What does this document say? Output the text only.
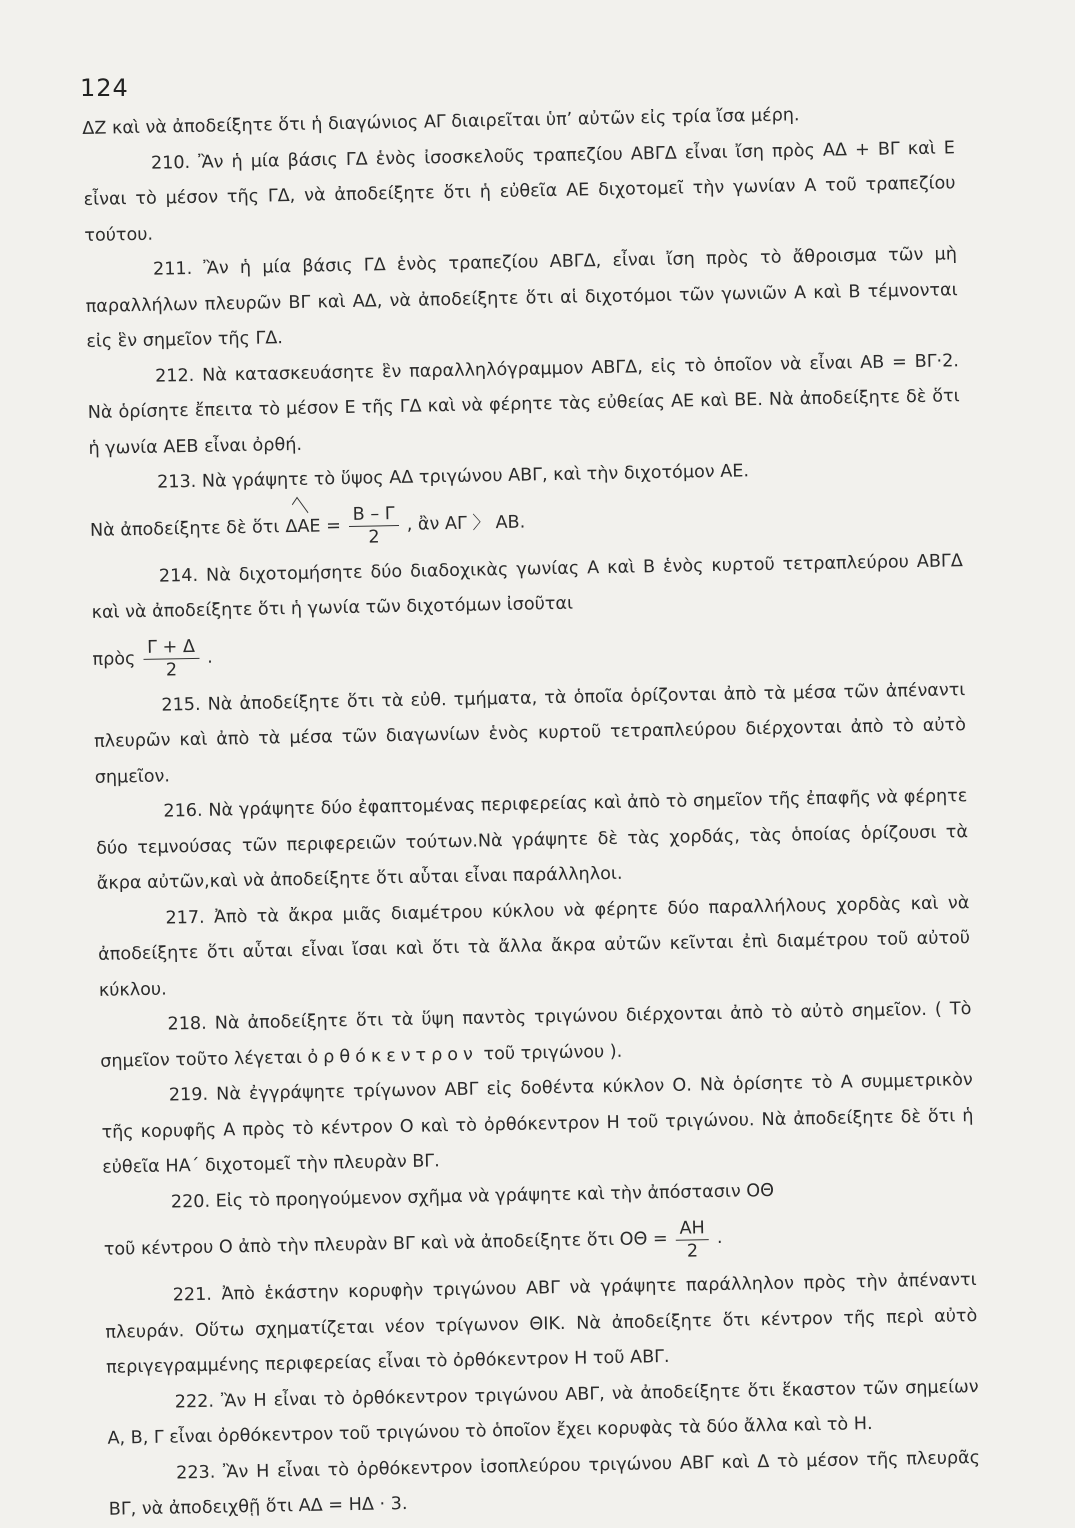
124

ΔΖ καὶ νὰ ἀποδείξητε ὅτι ἡ διαγώνιος ΑΓ διαιρεῖται ὑπ’ αὐτῶν εἰς τρία ἴσα μέρη.

210. Ἂν ἡ μία βάσις ΓΔ ἑνὸς ἰσοσκελοῦς τραπεζίου ΑΒΓΔ εἶναι ἴση πρὸς ΑΔ + ΒΓ καὶ Ε εἶναι τὸ μέσον τῆς ΓΔ, νὰ ἀποδείξητε ὅτι ἡ εὐθεῖα ΑΕ διχοτομεῖ τὴν γωνίαν Α τοῦ τραπεζίου τούτου.

211. Ἂν ἡ μία βάσις ΓΔ ἑνὸς τραπεζίου ΑΒΓΔ, εἶναι ἴση πρὸς τὸ ἄθροισμα τῶν μὴ παραλλήλων πλευρῶν ΒΓ καὶ ΑΔ, νὰ ἀποδείξητε ὅτι αἱ διχοτόμοι τῶν γωνιῶν Α καὶ Β τέμνονται εἰς ἓν σημεῖον τῆς ΓΔ.

212. Νὰ κατασκευάσητε ἓν παραλληλόγραμμον ΑΒΓΔ, εἰς τὸ ὁποῖον νὰ εἶναι ΑΒ = ΒΓ·2. Νὰ ὁρίσητε ἔπειτα τὸ μέσον Ε τῆς ΓΔ καὶ νὰ φέρητε τὰς εὐθείας ΑΕ καὶ ΒΕ. Νὰ ἀποδείξητε δὲ ὅτι ἡ γωνία ΑΕΒ εἶναι ὀρθή.

213. Νὰ γράψητε τὸ ὕψος ΑΔ τριγώνου ΑΒΓ, καὶ τὴν διχοτόμον ΑΕ.

Νὰ ἀποδείξητε δὲ ὅτι $\Delta AE = \frac{B - \Gamma}{2}$ , ἂν ΑΓ 〉 ΑΒ.

214. Νὰ διχοτομήσητε δύο διαδοχικὰς γωνίας Α καὶ Β ἑνὸς κυρτοῦ τετραπλεύρου ΑΒΓΔ καὶ νὰ ἀποδείξητε ὅτι ἡ γωνία τῶν διχοτόμων ἰσοῦται

πρὸς $\frac{\Gamma + \Delta}{2}$ .

215. Νὰ ἀποδείξητε ὅτι τὰ εὐθ. τμήματα, τὰ ὁποῖα ὁρίζονται ἀπὸ τὰ μέσα τῶν ἀπέναντι πλευρῶν καὶ ἀπὸ τὰ μέσα τῶν διαγωνίων ἑνὸς κυρτοῦ τετραπλεύρου διέρχονται ἀπὸ τὸ αὐτὸ σημεῖον.

216. Νὰ γράψητε δύο ἐφαπτομένας περιφερείας καὶ ἀπὸ τὸ σημεῖον τῆς ἐπαφῆς νὰ φέρητε δύο τεμνούσας τῶν περιφερειῶν τούτων.Νὰ γράψητε δὲ τὰς χορδάς, τὰς ὁποίας ὁρίζουσι τὰ ἄκρα αὐτῶν,καὶ νὰ ἀποδείξητε ὅτι αὗται εἶναι παράλληλοι.

217. Ἀπὸ τὰ ἄκρα μιᾶς διαμέτρου κύκλου νὰ φέρητε δύο παραλλήλους χορδὰς καὶ νὰ ἀποδείξητε ὅτι αὗται εἶναι ἴσαι καὶ ὅτι τὰ ἄλλα ἄκρα αὐτῶν κεῖνται ἐπὶ διαμέτρου τοῦ αὐτοῦ κύκλου.

218. Νὰ ἀποδείξητε ὅτι τὰ ὕψη παντὸς τριγώνου διέρχονται ἀπὸ τὸ αὐτὸ σημεῖον. ( Τὸ σημεῖον τοῦτο λέγεται ὀρθόκεντρον τοῦ τριγώνου ).

219. Νὰ ἐγγράψητε τρίγωνον ΑΒΓ εἰς δοθέντα κύκλον Ο. Νὰ ὁρίσητε τὸ Α συμμετρικὸν τῆς κορυφῆς Α πρὸς τὸ κέντρον Ο καὶ τὸ ὀρθόκεντρον Η τοῦ τριγώνου. Νὰ ἀποδείξητε δὲ ὅτι ἡ εὐθεῖα ΗΑ΄ διχοτομεῖ τὴν πλευρὰν ΒΓ.

220. Εἰς τὸ προηγούμενον σχῆμα νὰ γράψητε καὶ τὴν ἀπόστασιν ΟΘ

τοῦ κέντρου Ο ἀπὸ τὴν πλευρὰν ΒΓ καὶ νὰ ἀποδείξητε ὅτι $O\Theta = \frac{AH}{2}$ .

221. Ἀπὸ ἑκάστην κορυφὴν τριγώνου ΑΒΓ νὰ γράψητε παράλληλον πρὸς τὴν ἀπέναντι πλευράν. Οὕτω σχηματίζεται νέον τρίγωνον ΘΙΚ. Νὰ ἀποδείξητε ὅτι κέντρον τῆς περὶ αὐτὸ περιγεγραμμένης περιφερείας εἶναι τὸ ὀρθόκεντρον Η τοῦ ΑΒΓ.

222. Ἂν Η εἶναι τὸ ὀρθόκεντρον τριγώνου ΑΒΓ, νὰ ἀποδείξητε ὅτι ἕκαστον τῶν σημείων Α, Β, Γ εἶναι ὀρθόκεντρον τοῦ τριγώνου τὸ ὁποῖον ἔχει κορυφὰς τὰ δύο ἄλλα καὶ τὸ Η.

223. Ἂν Η εἶναι τὸ ὀρθόκεντρον ἰσοπλεύρου τριγώνου ΑΒΓ καὶ Δ τὸ μέσον τῆς πλευρᾶς ΒΓ, νὰ ἀποδειχθῇ ὅτι ΑΔ = ΗΔ · 3.
